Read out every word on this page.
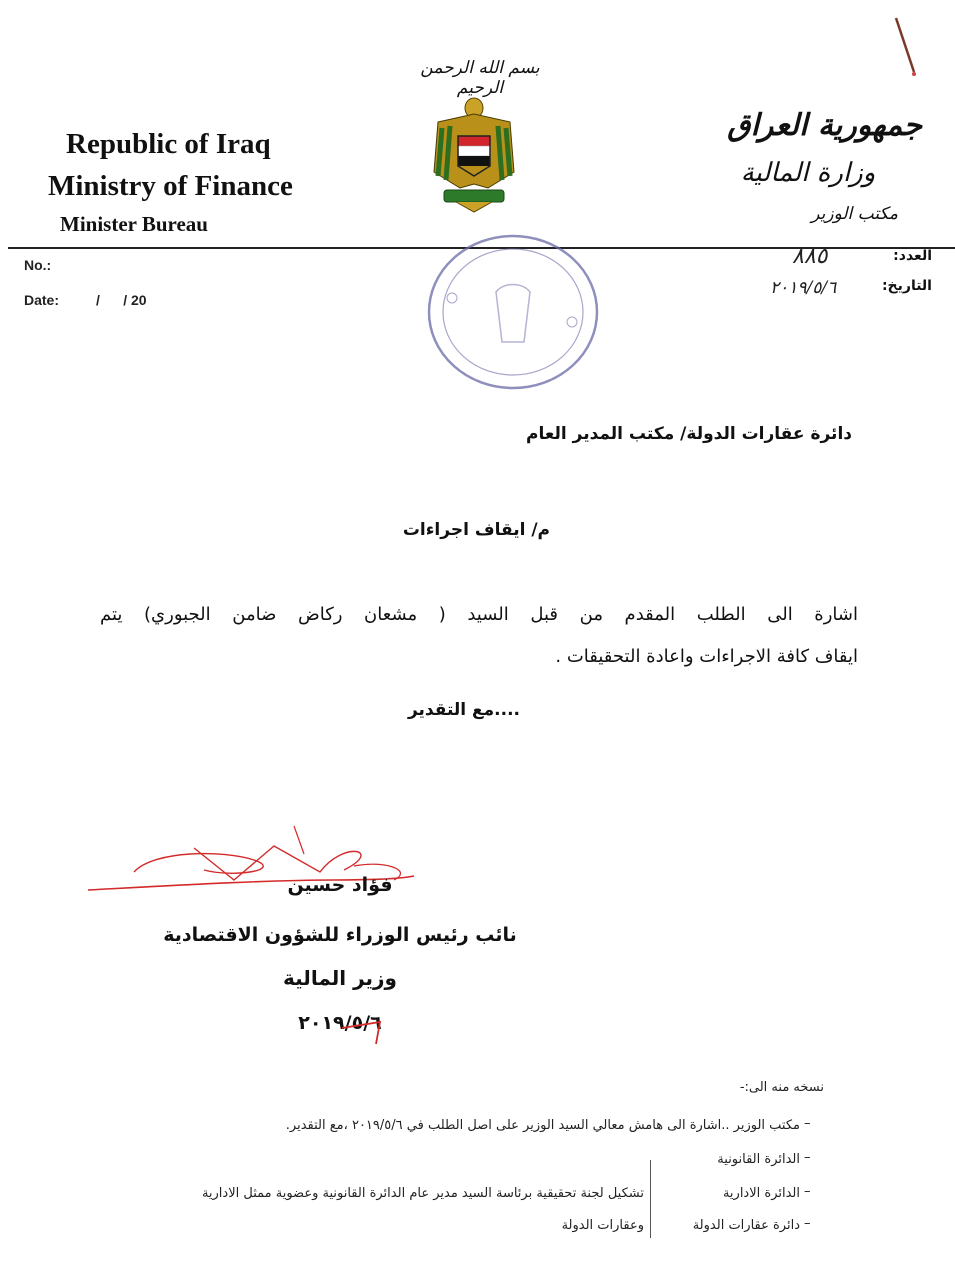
Republic of Iraq
Ministry of Finance
Minister Bureau
بسم الله الرحمن الرحيم
جمهورية العراق
وزارة المالية
مكتب الوزير
No.:
Date:	/      / 20
العدد:
٨٨٥
التاريخ:
٢٠١٩/٥/٦
دائرة عقارات الدولة/ مكتب المدير العام
م/ ايقاف اجراءات
اشارة الى الطلب المقدم من قبل السيد ( مشعان ركاض ضامن الجبوري) يتم
ايقاف كافة الاجراءات واعادة التحقيقات .
....مع التقدير
فؤاد حسين
نائب رئيس الوزراء للشؤون الاقتصادية
وزير المالية
٢٠١٩/٥/٦
نسخه منه الى:-
مكتب الوزير ..اشارة الى هامش معالي السيد الوزير على اصل الطلب في ٢٠١٩/٥/٦ ،مع التقدير. –
الدائرة القانونية –
الدائرة الادارية –
دائرة عقارات الدولة –
تشكيل لجنة تحقيقية برئاسة السيد مدير عام الدائرة القانونية وعضوية ممثل الادارية
وعقارات الدولة
